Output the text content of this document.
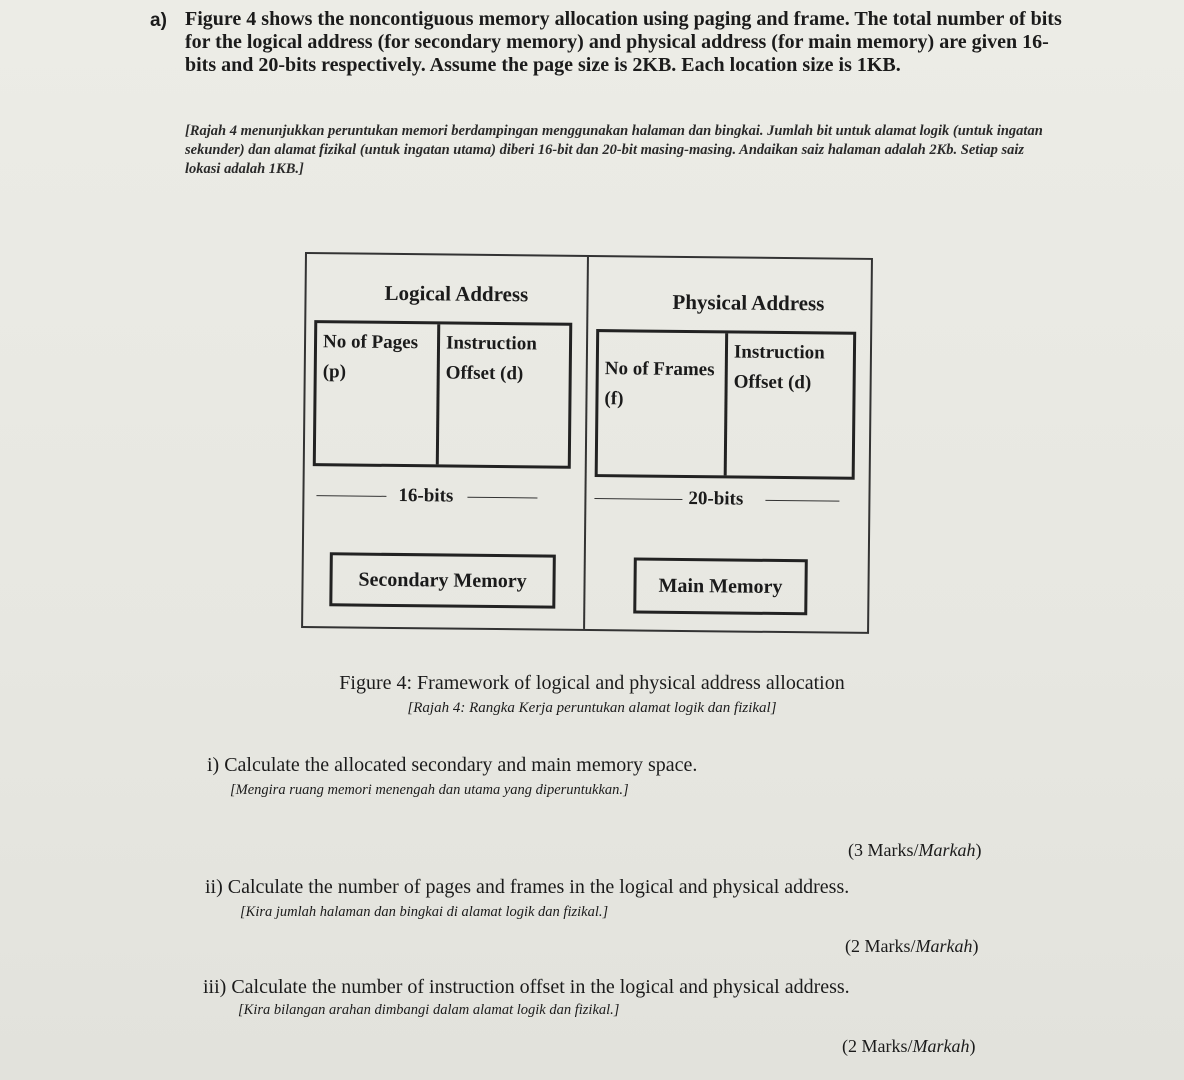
a) Figure 4 shows the noncontiguous memory allocation using paging and frame. The total number of bits for the logical address (for secondary memory) and physical address (for main memory) are given 16-bits and 20-bits respectively. Assume the page size is 2KB. Each location size is 1KB.
[Rajah 4 menunjukkan peruntukan memori berdampingan menggunakan halaman dan bingkai. Jumlah bit untuk alamat logik (untuk ingatan sekunder) dan alamat fizikal (untuk ingatan utama) diberi 16-bit dan 20-bit masing-masing. Andaikan saiz halaman adalah 2Kb. Setiap saiz lokasi adalah 1KB.]
Logical Address
No of Pages (p)
Instruction Offset (d)
16-bits
Secondary Memory
Physical Address
No of Frames (f)
Instruction Offset (d)
20-bits
Main Memory
Figure 4: Framework of logical and physical address allocation
[Rajah 4: Rangka Kerja peruntukan alamat logik dan fizikal]
i) Calculate the allocated secondary and main memory space.
[Mengira ruang memori menengah dan utama yang diperuntukkan.]
(3 Marks/Markah)
ii) Calculate the number of pages and frames in the logical and physical address.
[Kira jumlah halaman dan bingkai di alamat logik dan fizikal.]
(2 Marks/Markah)
iii) Calculate the number of instruction offset in the logical and physical address.
[Kira bilangan arahan dimbangi dalam alamat logik dan fizikal.]
(2 Marks/Markah)
